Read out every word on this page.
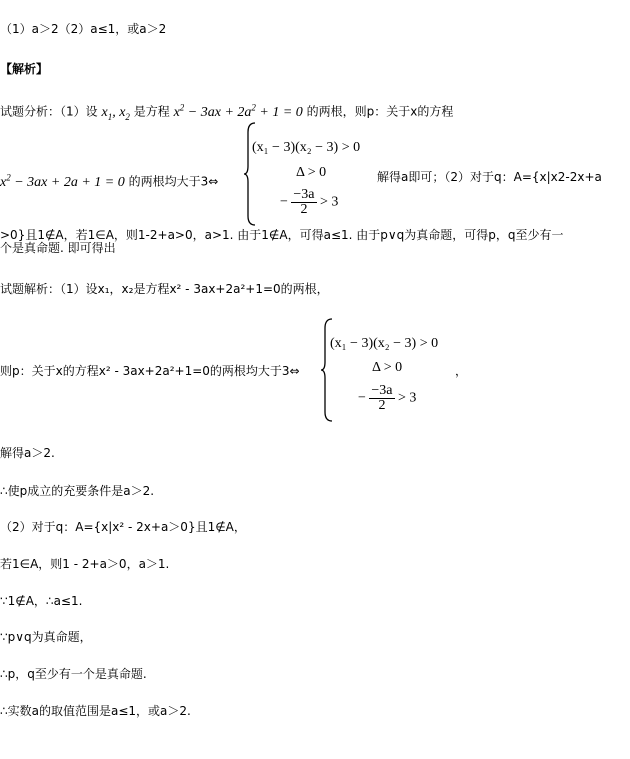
（1）a＞2（2）a≤1，或a＞2
【解析】
试题分析：（1）设 $x_1$, $x_2$ 是方程 $x^2 - 3ax + 2a^2 + 1 = 0$ 的两根，则p：关于x的方程
$x^2 - 3ax + 2a + 1 = 0$ 的两根均大于3⇔
(x₁ − 3)(x₂ − 3) > 0
Δ > 0
− $\frac{-3a}{2} > 3$
解得a即可；（2）对于q：A={x|x2-2x+a
>0}且1∉A，若1∈A，则1-2+a>0，a>1. 由于1∉A，可得a≤1. 由于p∨q为真命题，可得p，q至少有一
个是真命题. 即可得出
试题解析：（1）设x₁，x₂是方程x² - 3ax+2a²+1=0的两根，
则p：关于x的方程x² - 3ax+2a²+1=0的两根均大于3⇔
(x₁ − 3)(x₂ − 3) > 0
Δ > 0
− $\frac{-3a}{2} > 3$
，
解得a＞2.
∴使p成立的充要条件是a＞2.
（2）对于q：A={x|x² - 2x+a＞0}且1∉A，
若1∈A，则1 - 2+a＞0，a＞1.
∵1∉A，∴a≤1.
∵p∨q为真命题，
∴p，q至少有一个是真命题.
∴实数a的取值范围是a≤1，或a＞2.
